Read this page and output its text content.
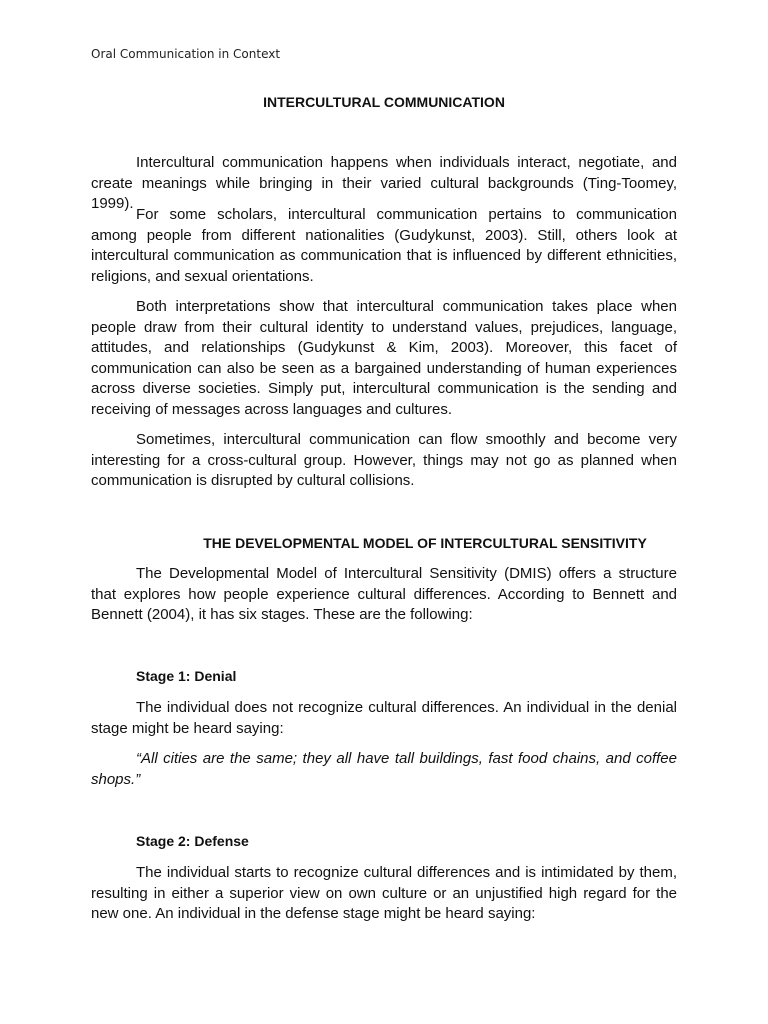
Oral Communication in Context
INTERCULTURAL COMMUNICATION

Intercultural communication happens when individuals interact, negotiate, and create meanings while bringing in their varied cultural backgrounds (Ting-Toomey, 1999).

For some scholars, intercultural communication pertains to communication among people from different nationalities (Gudykunst, 2003). Still, others look at intercultural communication as communication that is influenced by different ethnicities, religions, and sexual orientations.

Both interpretations show that intercultural communication takes place when people draw from their cultural identity to understand values, prejudices, language, attitudes, and relationships (Gudykunst & Kim, 2003). Moreover, this facet of communication can also be seen as a bargained understanding of human experiences across diverse societies. Simply put, intercultural communication is the sending and receiving of messages across languages and cultures.

Sometimes, intercultural communication can flow smoothly and become very interesting for a cross-cultural group. However, things may not go as planned when communication is disrupted by cultural collisions.

THE DEVELOPMENTAL MODEL OF INTERCULTURAL SENSITIVITY

The Developmental Model of Intercultural Sensitivity (DMIS) offers a structure that explores how people experience cultural differences. According to Bennett and Bennett (2004), it has six stages. These are the following:

Stage 1: Denial

The individual does not recognize cultural differences. An individual in the denial stage might be heard saying:

“All cities are the same; they all have tall buildings, fast food chains, and coffee shops.”

Stage 2: Defense

The individual starts to recognize cultural differences and is intimidated by them, resulting in either a superior view on own culture or an unjustified high regard for the new one. An individual in the defense stage might be heard saying:
